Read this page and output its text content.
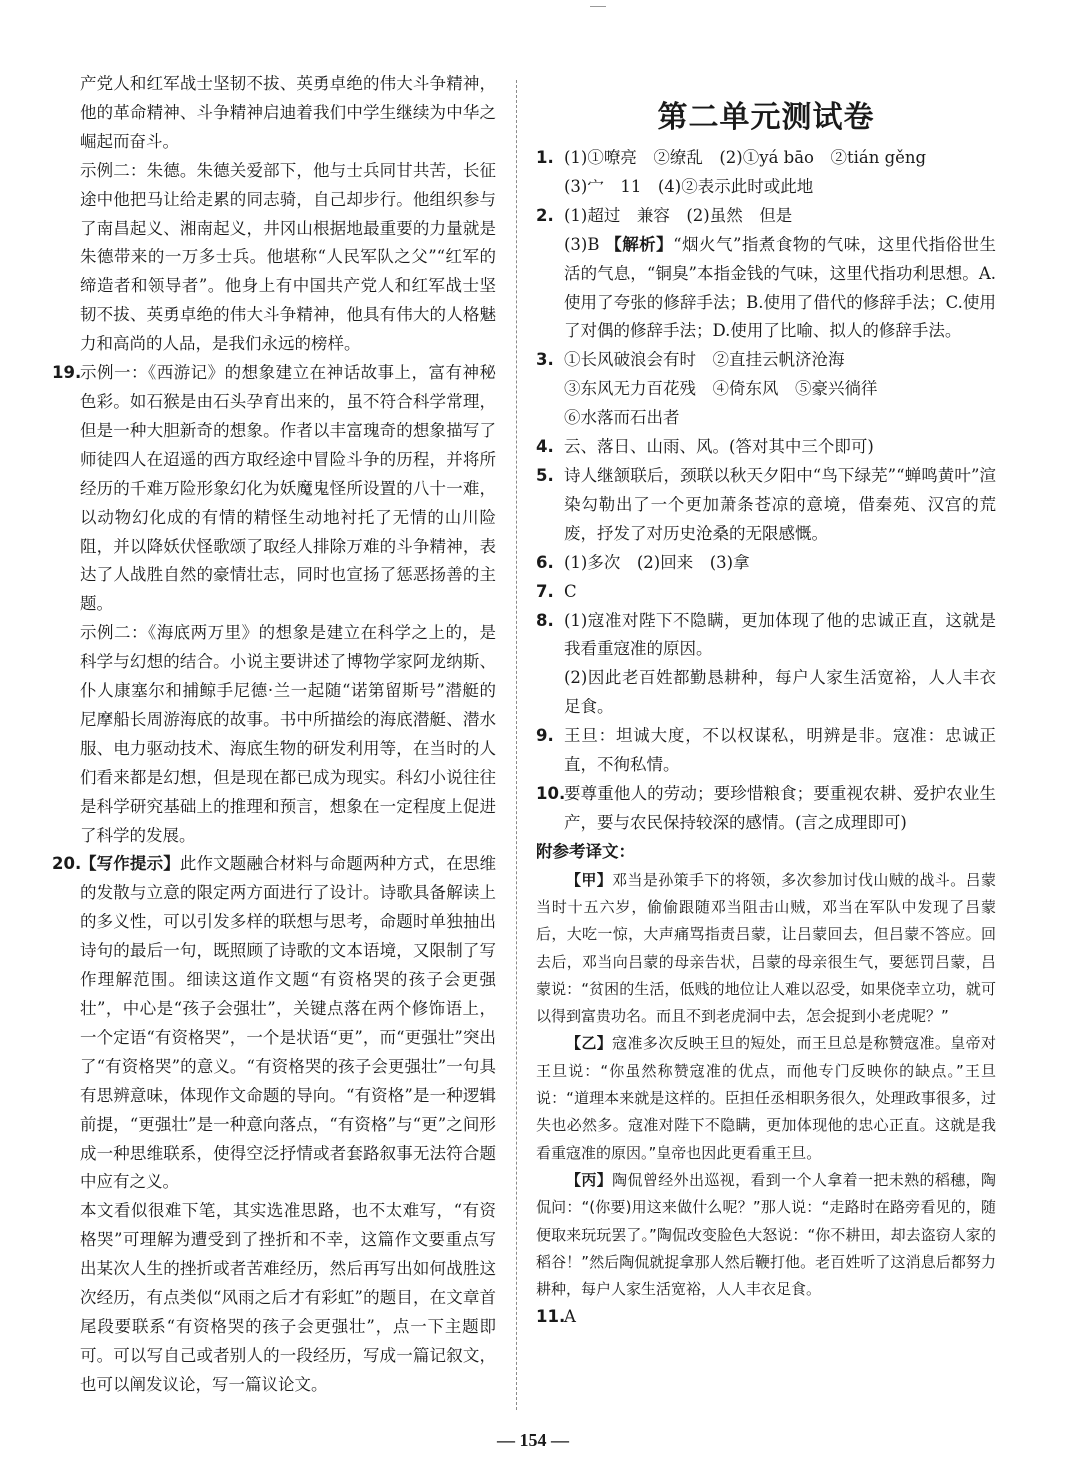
产党人和红军战士坚韧不拔、英勇卓绝的伟大斗争精神，他的革命精神、斗争精神启迪着我们中学生继续为中华之崛起而奋斗。

示例二：朱德。朱德关爱部下，他与士兵同甘共苦，长征途中他把马让给走累的同志骑，自己却步行。他组织参与了南昌起义、湘南起义，井冈山根据地最重要的力量就是朱德带来的一万多士兵。他堪称“人民军队之父”“红军的缔造者和领导者”。他身上有中国共产党人和红军战士坚韧不拔、英勇卓绝的伟大斗争精神，他具有伟大的人格魅力和高尚的人品，是我们永远的榜样。

19.

示例一：《西游记》的想象建立在神话故事上，富有神秘色彩。如石猴是由石头孕育出来的，虽不符合科学常理，但是一种大胆新奇的想象。作者以丰富瑰奇的想象描写了师徒四人在迢遥的西方取经途中冒险斗争的历程，并将所经历的千难万险形象幻化为妖魔鬼怪所设置的八十一难，以动物幻化成的有情的精怪生动地衬托了无情的山川险阻，并以降妖伏怪歌颂了取经人排除万难的斗争精神，表达了人战胜自然的豪情壮志，同时也宣扬了惩恶扬善的主题。

示例二：《海底两万里》的想象是建立在科学之上的，是科学与幻想的结合。小说主要讲述了博物学家阿龙纳斯、仆人康塞尔和捕鲸手尼德·兰一起随“诺第留斯号”潜艇的尼摩船长周游海底的故事。书中所描绘的海底潜艇、潜水服、电力驱动技术、海底生物的研发利用等，在当时的人们看来都是幻想，但是现在都已成为现实。科幻小说往往是科学研究基础上的推理和预言，想象在一定程度上促进了科学的发展。

20.

【写作提示】此作文题融合材料与命题两种方式，在思维的发散与立意的限定两方面进行了设计。诗歌具备解读上的多义性，可以引发多样的联想与思考，命题时单独抽出诗句的最后一句，既照顾了诗歌的文本语境，又限制了写作理解范围。细读这道作文题“有资格哭的孩子会更强壮”，中心是“孩子会强壮”，关键点落在两个修饰语上，一个定语“有资格哭”，一个是状语“更”，而“更强壮”突出了“有资格哭”的意义。“有资格哭的孩子会更强壮”一句具有思辨意味，体现作文命题的导向。“有资格”是一种逻辑前提，“更强壮”是一种意向落点，“有资格”与“更”之间形成一种思维联系，使得空泛抒情或者套路叙事无法符合题中应有之义。

本文看似很难下笔，其实选准思路，也不太难写，“有资格哭”可理解为遭受到了挫折和不幸，这篇作文要重点写出某次人生的挫折或者苦难经历，然后再写出如何战胜这次经历，有点类似“风雨之后才有彩虹”的题目，在文章首尾段要联系“有资格哭的孩子会更强壮”，点一下主题即可。可以写自己或者别人的一段经历，写成一篇记叙文，也可以阐发议论，写一篇议论文。

第二单元测试卷
1. (1)①嘹亮　②缭乱　(2)①yá bāo　②tián gěng

(3)宀　11　(4)②表示此时或此地

2. (1)超过　兼容　(2)虽然　但是

(3)B 【解析】“烟火气”指煮食物的气味，这里代指俗世生活的气息，“铜臭”本指金钱的气味，这里代指功利思想。A.使用了夸张的修辞手法；B.使用了借代的修辞手法；C.使用了对偶的修辞手法；D.使用了比喻、拟人的修辞手法。

3. ①长风破浪会有时　②直挂云帆济沧海

③东风无力百花残　④倚东风　⑤豪兴徜徉

⑥水落而石出者

4. 云、落日、山雨、风。(答对其中三个即可)

5. 诗人继颔联后，颈联以秋天夕阳中“鸟下绿芜”“蝉鸣黄叶”渲染勾勒出了一个更加萧条苍凉的意境，借秦苑、汉宫的荒废，抒发了对历史沧桑的无限感慨。

6. (1)多次　(2)回来　(3)拿

7. C

8. (1)寇准对陛下不隐瞒，更加体现了他的忠诚正直，这就是我看重寇准的原因。

(2)因此老百姓都勤恳耕种，每户人家生活宽裕，人人丰衣足食。

9. 王旦：坦诚大度，不以权谋私，明辨是非。寇准：忠诚正直，不徇私情。

10.

要尊重他人的劳动；要珍惜粮食；要重视农耕、爱护农业生产，要与农民保持较深的感情。(言之成理即可)

附参考译文：

【甲】邓当是孙策手下的将领，多次参加讨伐山贼的战斗。吕蒙当时十五六岁，偷偷跟随邓当阻击山贼，邓当在军队中发现了吕蒙后，大吃一惊，大声痛骂指责吕蒙，让吕蒙回去，但吕蒙不答应。回去后，邓当向吕蒙的母亲告状，吕蒙的母亲很生气，要惩罚吕蒙，吕蒙说：“贫困的生活，低贱的地位让人难以忍受，如果侥幸立功，就可以得到富贵功名。而且不到老虎洞中去，怎会捉到小老虎呢？”

【乙】寇准多次反映王旦的短处，而王旦总是称赞寇准。皇帝对王旦说：“你虽然称赞寇准的优点，而他专门反映你的缺点。”王旦说：“道理本来就是这样的。臣担任丞相职务很久，处理政事很多，过失也必然多。寇准对陛下不隐瞒，更加体现他的忠心正直。这就是我看重寇准的原因。”皇帝也因此更看重王旦。

【丙】陶侃曾经外出巡视，看到一个人拿着一把未熟的稻穗，陶侃问：“(你要)用这来做什么呢？”那人说：“走路时在路旁看见的，随便取来玩玩罢了。”陶侃改变脸色大怒说：“你不耕田，却去盗窃人家的稻谷！”然后陶侃就捉拿那人然后鞭打他。老百姓听了这消息后都努力耕种，每户人家生活宽裕，人人丰衣足食。

11.

A

— 154 —
